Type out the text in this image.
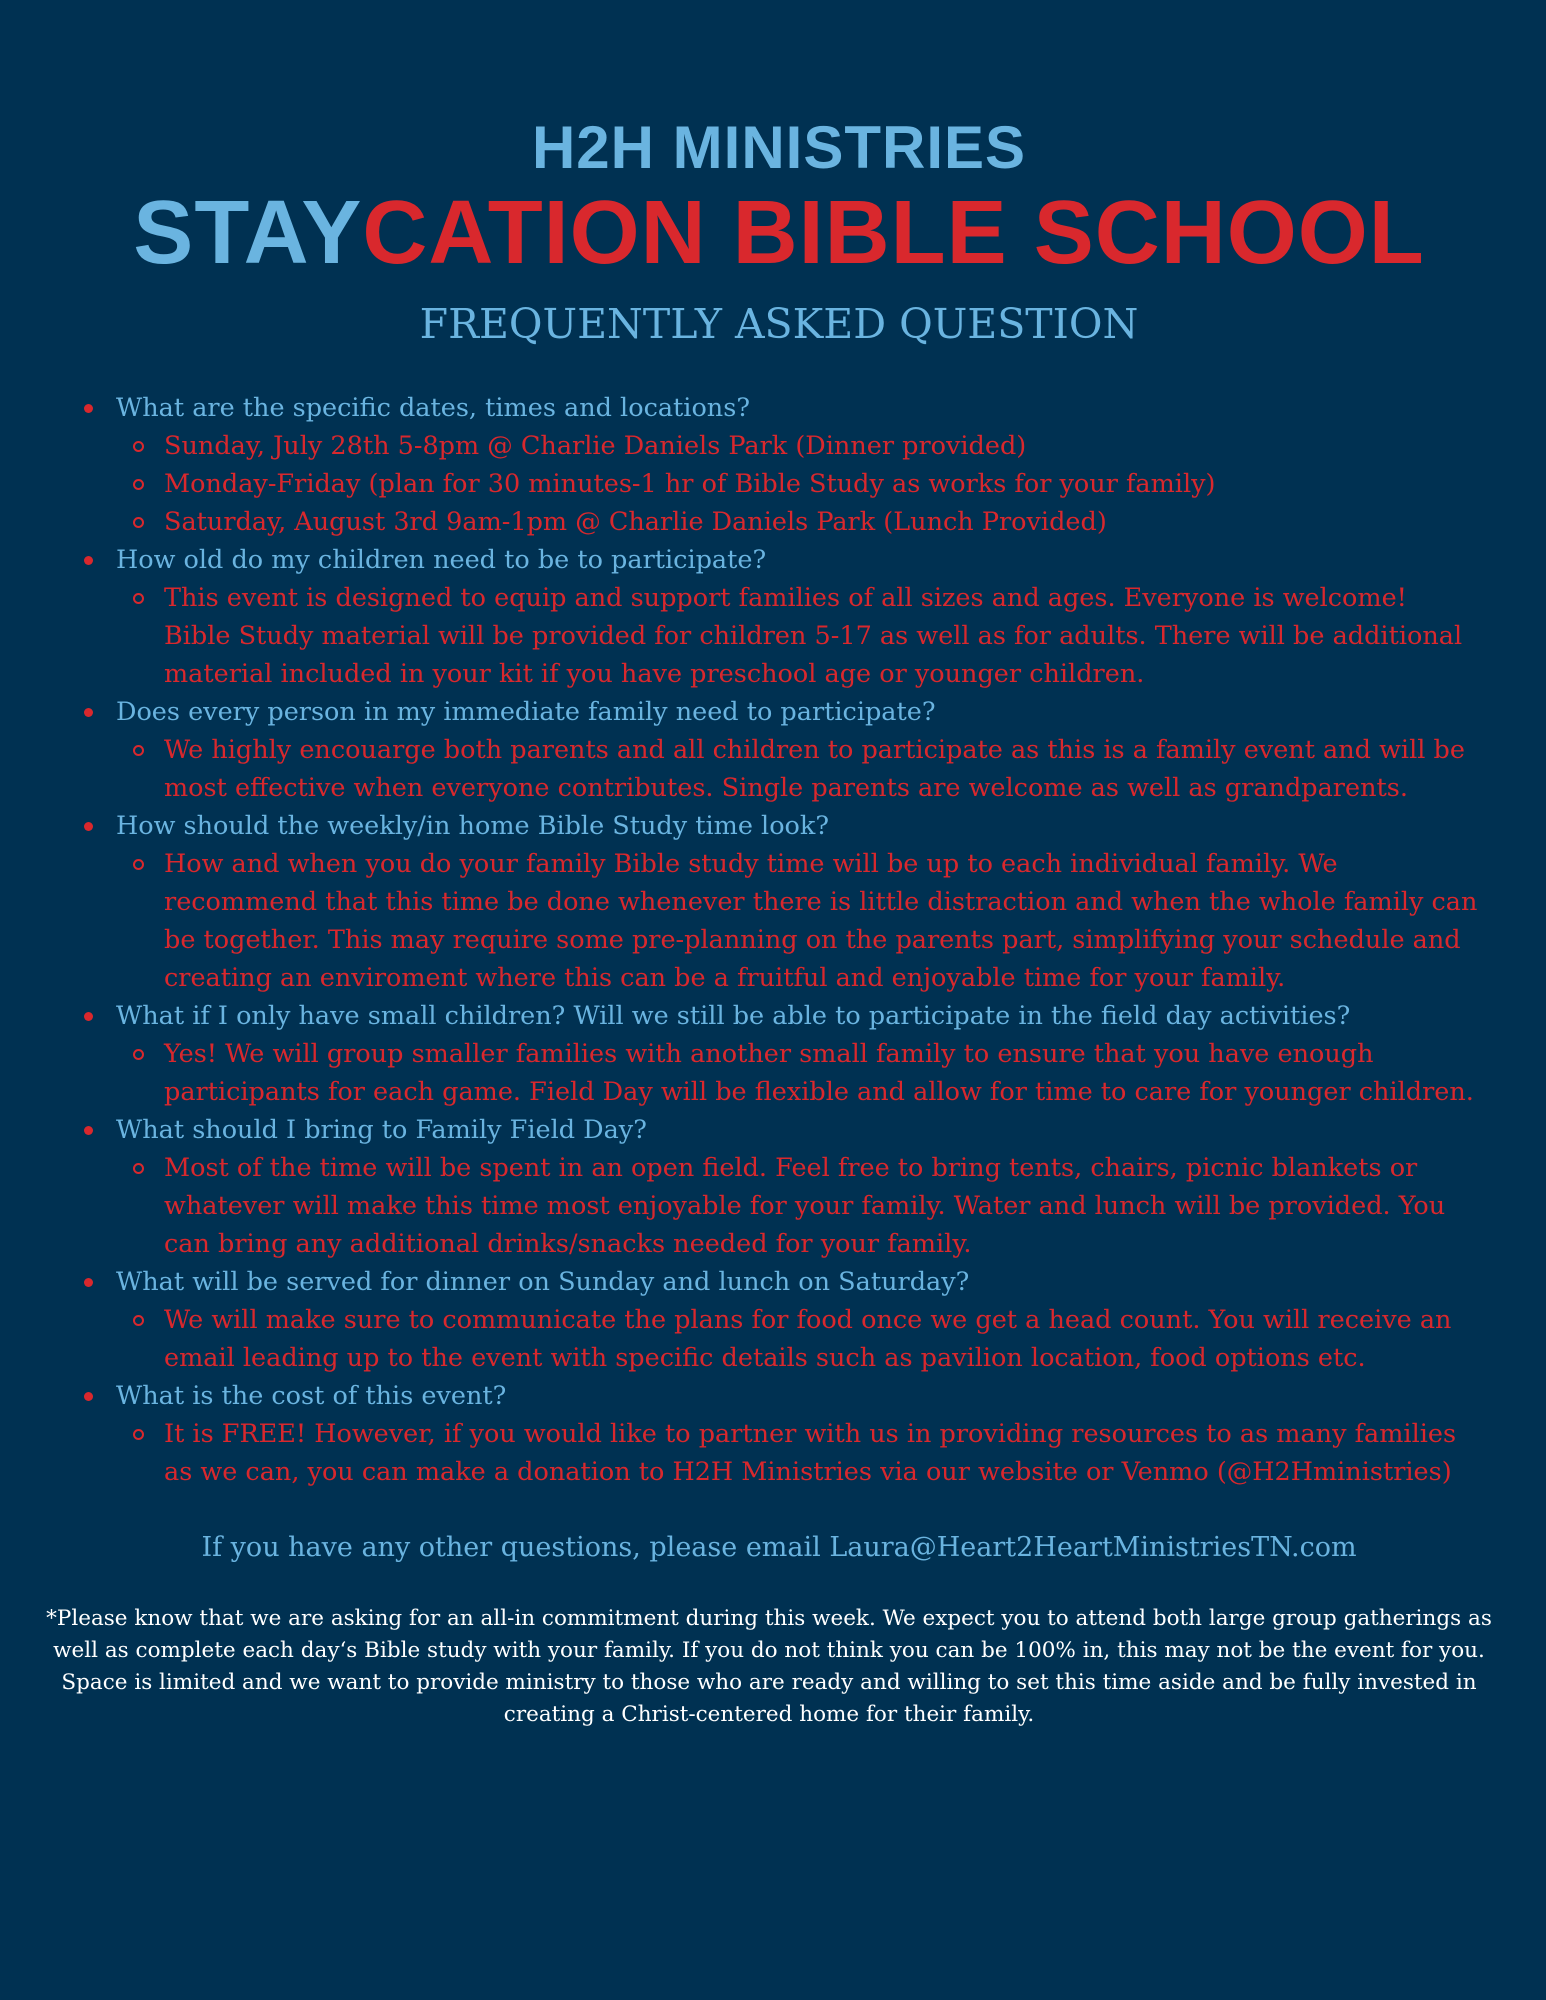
H2H MINISTRIES
STAYCATION BIBLE SCHOOL
FREQUENTLY ASKED QUESTION
What are the specific dates, times and locations?
Sunday, July 28th 5-8pm @ Charlie Daniels Park (Dinner provided)
Monday-Friday (plan for 30 minutes-1 hr of Bible Study as works for your family)
Saturday, August 3rd 9am-1pm @ Charlie Daniels Park (Lunch Provided)
How old do my children need to be to participate?
This event is designed to equip and support families of all sizes and ages. Everyone is welcome! Bible Study material will be provided for children 5-17 as well as for adults. There will be additional material included in your kit if you have preschool age or younger children.
Does every person in my immediate family need to participate?
We highly encouarge both parents and all children to participate as this is a family event and will be most effective when everyone contributes. Single parents are welcome as well as grandparents.
How should the weekly/in home Bible Study time look?
How and when you do your family Bible study time will be up to each individual family. We recommend that this time be done whenever there is little distraction and when the whole family can be together. This may require some pre-planning on the parents part, simplifying your schedule and creating an enviroment where this can be a fruitful and enjoyable time for your family.
What if I only have small children? Will we still be able to participate in the field day activities?
Yes! We will group smaller families with another small family to ensure that you have enough participants for each game. Field Day will be flexible and allow for time to care for younger children.
What should I bring to Family Field Day?
Most of the time will be spent in an open field. Feel free to bring tents, chairs, picnic blankets or whatever will make this time most enjoyable for your family. Water and lunch will be provided. You can bring any additional drinks/snacks needed for your family.
What will be served for dinner on Sunday and lunch on Saturday?
We will make sure to communicate the plans for food once we get a head count. You will receive an email leading up to the event with specific details such as pavilion location, food options etc.
What is the cost of this event?
It is FREE! However, if you would like to partner with us in providing resources to as many families as we can, you can make a donation to H2H Ministries via our website or Venmo (@H2Hministries)

If you have any other questions, please email Laura@Heart2HeartMinistriesTN.com

*Please know that we are asking for an all-in commitment during this week. We expect you to attend both large group gatherings as well as complete each day‘s Bible study with your family. If you do not think you can be 100% in, this may not be the event for you. Space is limited and we want to provide ministry to those who are ready and willing to set this time aside and be fully invested in creating a Christ-centered home for their family.
